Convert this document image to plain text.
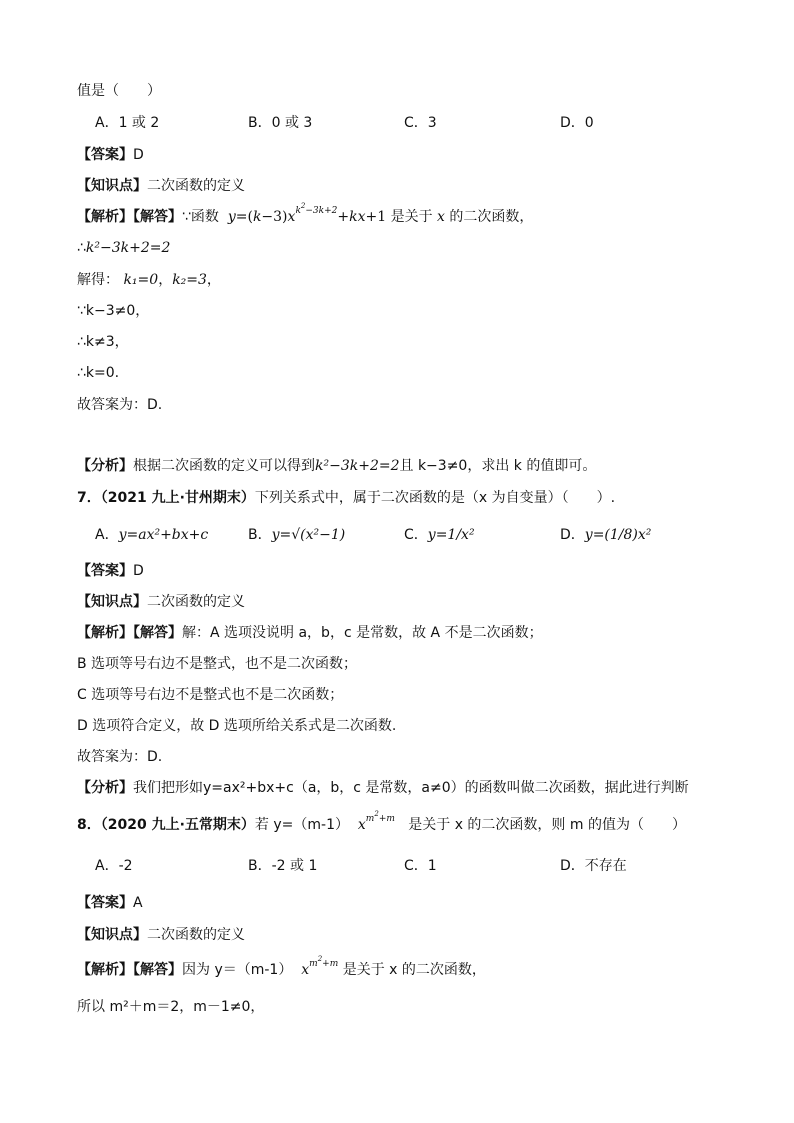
值是（　　）
A．1 或 2	B．0 或 3	C．3	D．0
【答案】D
【知识点】二次函数的定义
【解析】【解答】∵函数  $y=(k-3)x^{k^2-3k+2}+kx+1$ 是关于 x 的二次函数，
∴k²−3k+2=2
解得： k₁=0，k₂=3，
∵k−3≠0，
∴k≠3，
∴k=0.
故答案为：D.
【分析】根据二次函数的定义可以得到k²−3k+2=2且 k−3≠0，求出 k 的值即可。
7．（2021 九上·甘州期末）下列关系式中，属于二次函数的是（x 为自变量）（　　）.
A．y=ax²+bx+c	B．y=√(x²−1)	C．y=1/x²	D．y=(1/8)x²
【答案】D
【知识点】二次函数的定义
【解析】【解答】解：A 选项没说明 a，b，c 是常数，故 A 不是二次函数；
B 选项等号右边不是整式，也不是二次函数；
C 选项等号右边不是整式也不是二次函数；
D 选项符合定义，故 D 选项所给关系式是二次函数.
故答案为：D.
【分析】我们把形如y=ax²+bx+c（a，b，c 是常数，a≠0）的函数叫做二次函数，据此进行判断
8．（2020 九上·五常期末）若 y=（m-1）  $x^{m^2+m}$ 是关于 x 的二次函数，则 m 的值为（　　）
A．-2	B．-2 或 1	C．1	D．不存在
【答案】A
【知识点】二次函数的定义
【解析】【解答】因为 y＝（m-1）  $x^{m^2+m}$ 是关于 x 的二次函数，
所以 m²＋m＝2，m－1≠0，
